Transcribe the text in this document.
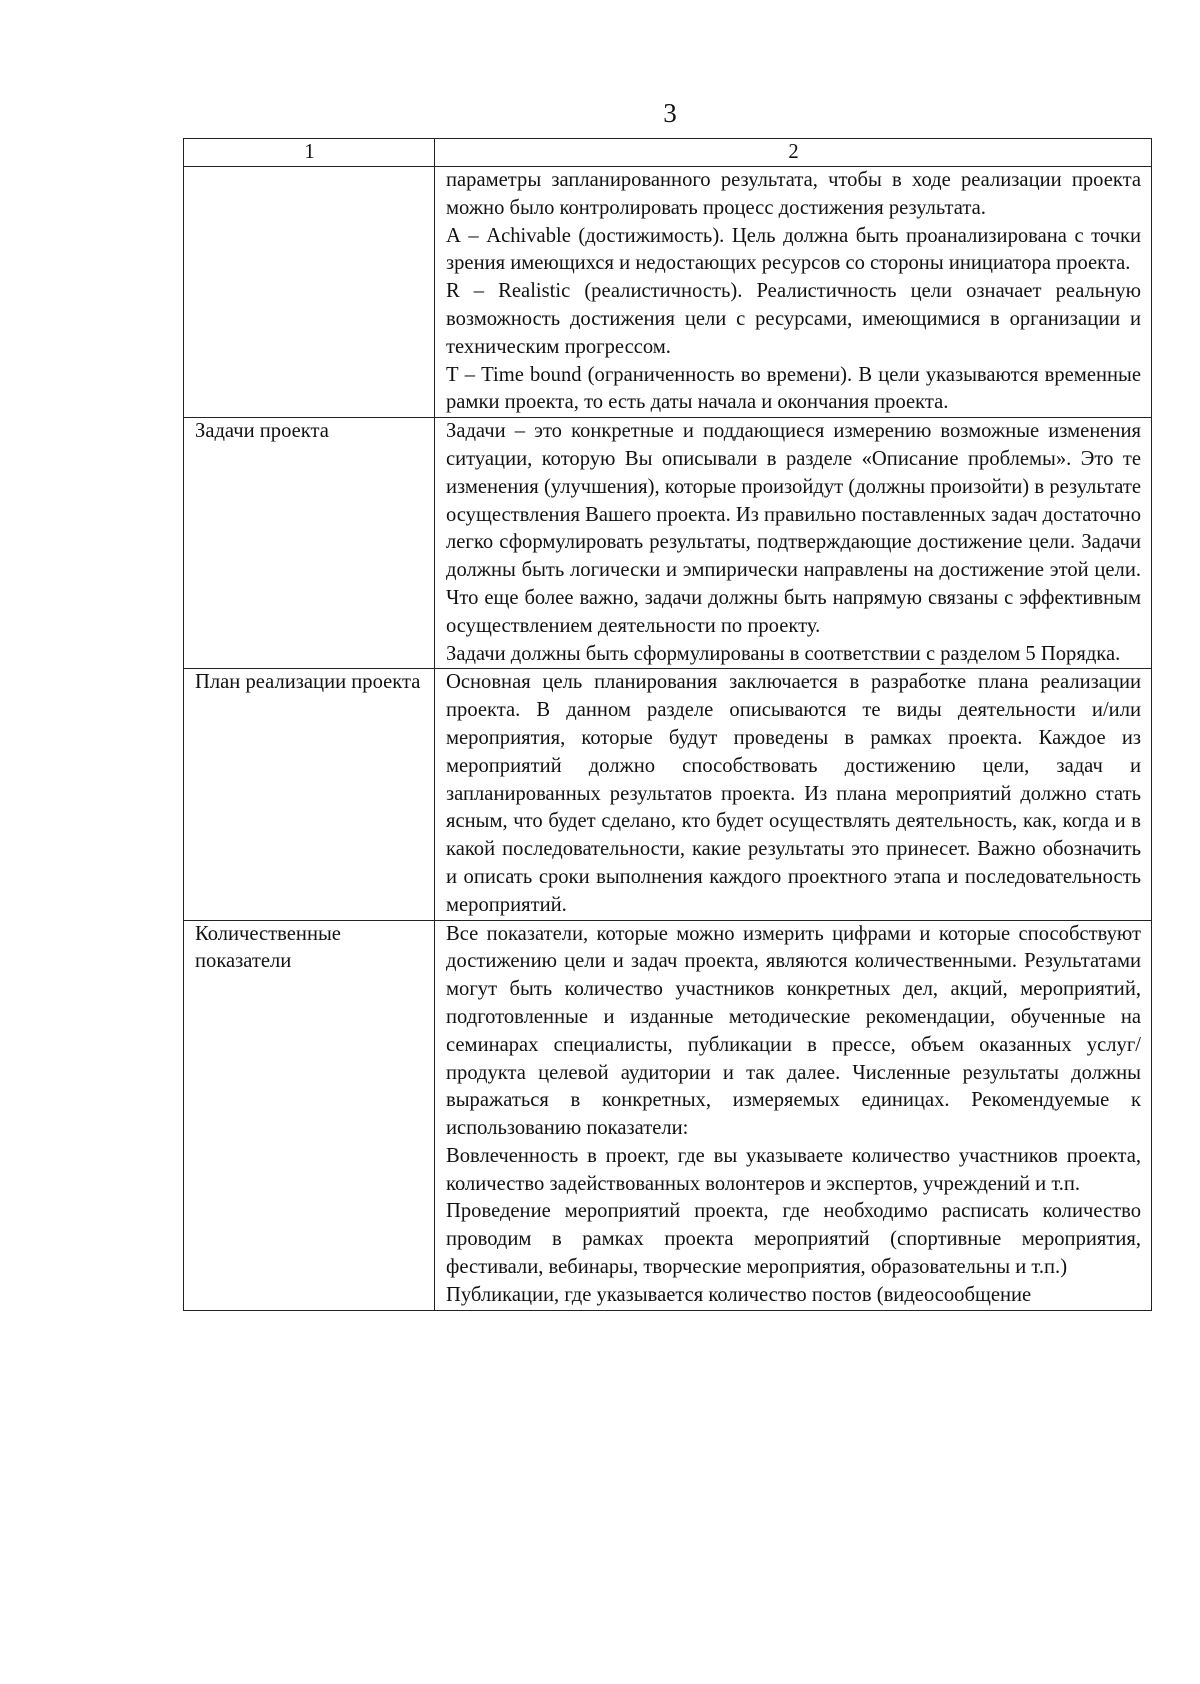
3
1	2

	параметры запланированного результата, чтобы в ходе реализации проекта можно было контролировать процесс достижения результата.

А – Achivable (достижимость). Цель должна быть проанализирована с точки зрения имеющихся и недостающих ресурсов со стороны инициатора проекта.

R – Realistic (реалистичность). Реалистичность цели означает реальную возможность достижения цели с ресурсами, имеющимися в организации и техническим прогрессом.

Т – Time bound (ограниченность во времени). В цели указываются временные рамки проекта, то есть даты начала и окончания проекта.

Задачи проекта	Задачи – это конкретные и поддающиеся измерению возможные изменения ситуации, которую Вы описывали в разделе «Описание проблемы». Это те изменения (улучшения), которые произойдут (должны произойти) в результате осуществления Вашего проекта. Из правильно поставленных задач достаточно легко сформулировать результаты, подтверждающие достижение цели. Задачи должны быть логически и эмпирически направлены на достижение этой цели. Что еще более важно, задачи должны быть напрямую связаны с эффективным осуществлением деятельности по проекту.

Задачи должны быть сформулированы в соответствии с разделом 5 Порядка.

План реализации проекта	Основная цель планирования заключается в разработке плана реализации проекта. В данном разделе описываются те виды деятельности и/или мероприятия, которые будут проведены в рамках проекта. Каждое из мероприятий должно способствовать достижению цели, задач и запланированных результатов проекта. Из плана мероприятий должно стать ясным, что будет сделано, кто будет осуществлять деятельность, как, когда и в какой последовательности, какие результаты это принесет. Важно обозначить и описать сроки выполнения каждого проектного этапа и последовательность мероприятий.

Количественные показатели	Все показатели, которые можно измерить цифрами и которые способствуют достижению цели и задач проекта, являются количественными. Результатами могут быть количество участников конкретных дел, акций, мероприятий, подготовленные и изданные методические рекомендации, обученные на семинарах специалисты, публикации в прессе, объем оказанных услуг/продукта целевой аудитории и так далее. Численные результаты должны выражаться в конкретных, измеряемых единицах. Рекомендуемые к использованию показатели:

Вовлеченность в проект, где вы указываете количество участников проекта, количество задействованных волонтеров и экспертов, учреждений и т.п.

Проведение мероприятий проекта, где необходимо расписать количество проводим в рамках проекта мероприятий (спортивные мероприятия, фестивали, вебинары, творческие мероприятия, образовательны и т.п.)

Публикации, где указывается количество постов (видеосообщение
